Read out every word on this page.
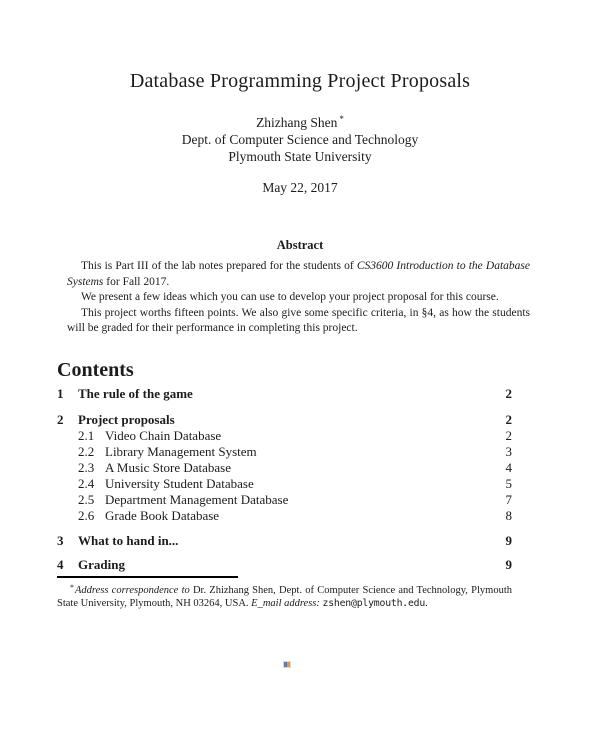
Database Programming Project Proposals
Zhizhang Shen *
Dept. of Computer Science and Technology
Plymouth State University
May 22, 2017
Abstract

This is Part III of the lab notes prepared for the students of CS3600 Introduction to the Database Systems for Fall 2017.

We present a few ideas which you can use to develop your project proposal for this course.

This project worths fifteen points. We also give some specific criteria, in §4, as how the students will be graded for their performance in completing this project.

Contents
1	The rule of the game	2
2	Project proposals	2
2.1 Video Chain Database	2
2.2 Library Management System	3
2.3 A Music Store Database	4
2.4 University Student Database	5
2.5 Department Management Database	7
2.6 Grade Book Database	8
3	What to hand in...	9
4	Grading	9
*Address correspondence to Dr. Zhizhang Shen, Dept. of Computer Science and Technology, Plymouth State University, Plymouth, NH 03264, USA. E_mail address: zshen@plymouth.edu.
